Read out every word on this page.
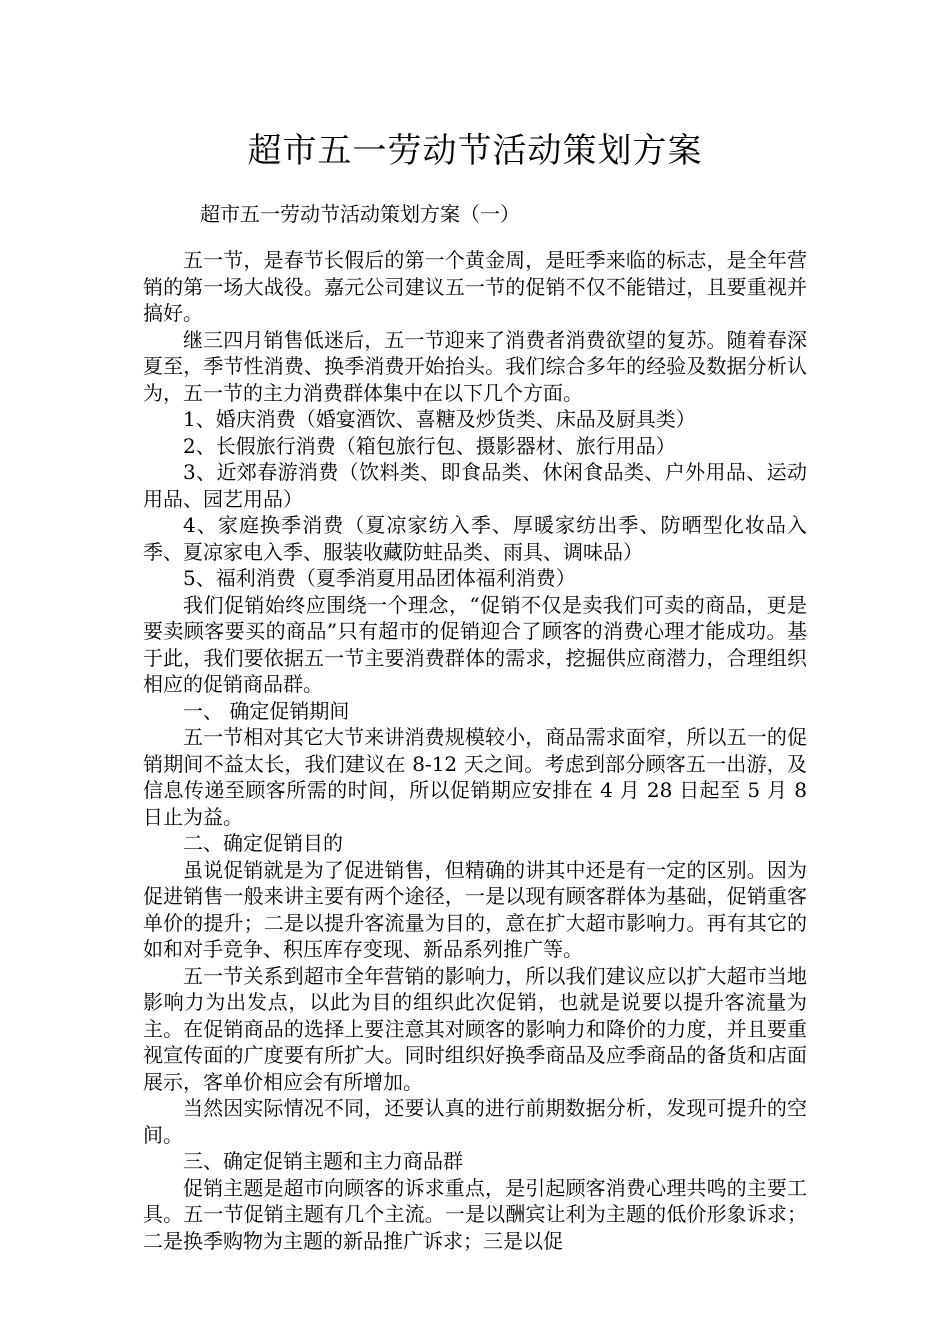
超市五一劳动节活动策划方案

超市五一劳动节活动策划方案（一）

五一节，是春节长假后的第一个黄金周，是旺季来临的标志，是全年营销的第一场大战役。嘉元公司建议五一节的促销不仅不能错过，且要重视并搞好。

继三四月销售低迷后，五一节迎来了消费者消费欲望的复苏。随着春深夏至，季节性消费、换季消费开始抬头。我们综合多年的经验及数据分析认为，五一节的主力消费群体集中在以下几个方面。

1、婚庆消费（婚宴酒饮、喜糖及炒货类、床品及厨具类）

2、长假旅行消费（箱包旅行包、摄影器材、旅行用品）

3、近郊春游消费（饮料类、即食品类、休闲食品类、户外用品、运动用品、园艺用品）

4、家庭换季消费（夏凉家纺入季、厚暖家纺出季、防晒型化妆品入季、夏凉家电入季、服装收藏防蛀品类、雨具、调味品）

5、福利消费（夏季消夏用品团体福利消费）

我们促销始终应围绕一个理念，“促销不仅是卖我们可卖的商品，更是要卖顾客要买的商品”只有超市的促销迎合了顾客的消费心理才能成功。基于此，我们要依据五一节主要消费群体的需求，挖掘供应商潜力，合理组织相应的促销商品群。

一、 确定促销期间

五一节相对其它大节来讲消费规模较小，商品需求面窄，所以五一的促销期间不益太长，我们建议在 8-12 天之间。考虑到部分顾客五一出游，及信息传递至顾客所需的时间，所以促销期应安排在 4 月 28 日起至 5 月 8 日止为益。

二、确定促销目的

虽说促销就是为了促进销售，但精确的讲其中还是有一定的区别。因为促进销售一般来讲主要有两个途径，一是以现有顾客群体为基础，促销重客单价的提升；二是以提升客流量为目的，意在扩大超市影响力。再有其它的如和对手竞争、积压库存变现、新品系列推广等。

五一节关系到超市全年营销的影响力，所以我们建议应以扩大超市当地影响力为出发点，以此为目的组织此次促销，也就是说要以提升客流量为主。在促销商品的选择上要注意其对顾客的影响力和降价的力度，并且要重视宣传面的广度要有所扩大。同时组织好换季商品及应季商品的备货和店面展示，客单价相应会有所增加。

当然因实际情况不同，还要认真的进行前期数据分析，发现可提升的空间。

三、确定促销主题和主力商品群

促销主题是超市向顾客的诉求重点，是引起顾客消费心理共鸣的主要工具。五一节促销主题有几个主流。一是以酬宾让利为主题的低价形象诉求；二是换季购物为主题的新品推广诉求；三是以促
